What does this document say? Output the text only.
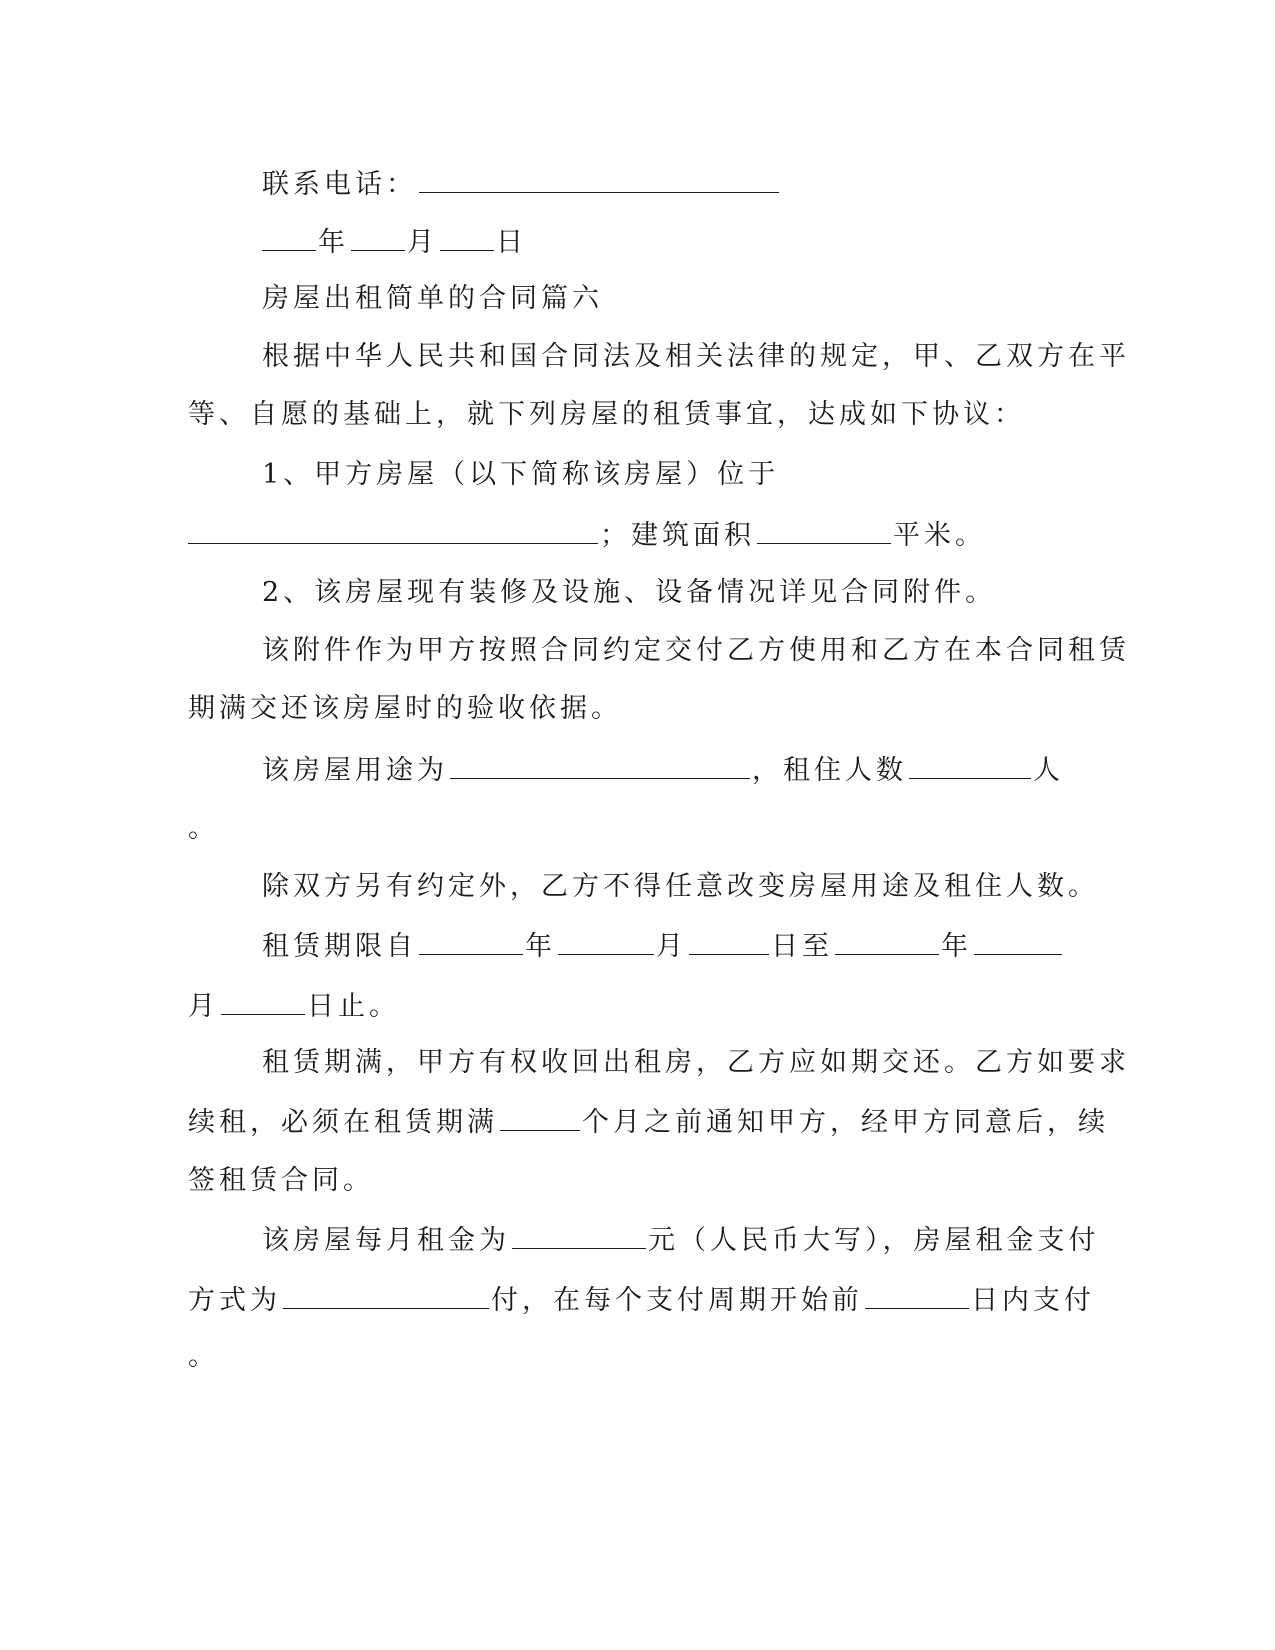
联系电话：
年 月 日
房屋出租简单的合同篇六
根据中华人民共和国合同法及相关法律的规定，甲、乙双方在平
等、自愿的基础上，就下列房屋的租赁事宜，达成如下协议：
1、甲方房屋（以下简称该房屋）位于
；建筑面积	平米。
2、该房屋现有装修及设施、设备情况详见合同附件。
该附件作为甲方按照合同约定交付乙方使用和乙方在本合同租赁
期满交还该房屋时的验收依据。
该房屋用途为	，租住人数	人
。
除双方另有约定外，乙方不得任意改变房屋用途及租住人数。
租赁期限自	年	月	日至	年
月	日止。
租赁期满，甲方有权收回出租房，乙方应如期交还。乙方如要求
续租，必须在租赁期满	个月之前通知甲方，经甲方同意后，续
签租赁合同。
该房屋每月租金为	元（人民币大写），房屋租金支付
方式为	付，在每个支付周期开始前	日内支付
。
